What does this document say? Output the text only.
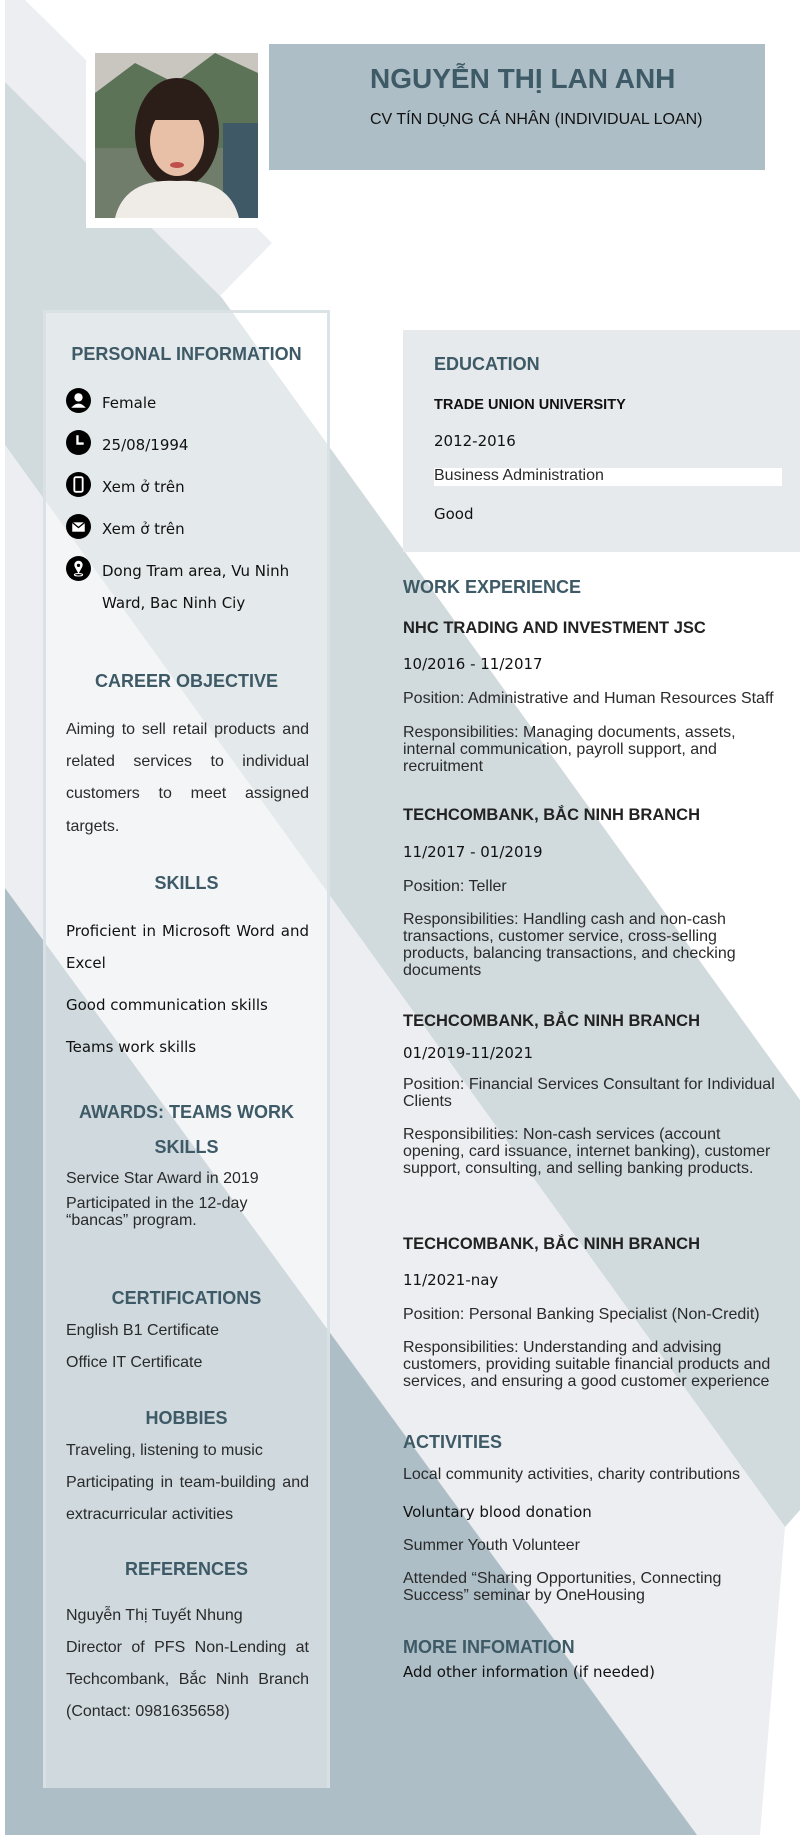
NGUYỄN THỊ LAN ANH
CV TÍN DỤNG CÁ NHÂN (INDIVIDUAL LOAN)
PERSONAL INFORMATION
Female
25/08/1994
Xem ở trên
Xem ở trên
Dong Tram area, Vu Ninh
Ward, Bac Ninh Ciy
CAREER OBJECTIVE
Aiming to sell retail products and
related services to individual
customers to meet assigned
targets.
SKILLS
Proficient in Microsoft Word and
Excel
Good communication skills
Teams work skills
AWARDS: TEAMS WORK
SKILLS
Service Star Award in 2019
Participated in the 12-day
“bancas” program.
CERTIFICATIONS
English B1 Certificate
Office IT Certificate
HOBBIES
Traveling, listening to music
Participating in team-building and
extracurricular activities
REFERENCES
Nguyễn Thị Tuyết Nhung
Director of PFS Non-Lending at
Techcombank, Bắc Ninh Branch
(Contact: 0981635658)
EDUCATION
TRADE UNION UNIVERSITY
2012-2016
Business Administration
Good
WORK EXPERIENCE
NHC TRADING AND INVESTMENT JSC
10/2016 - 11/2017
Position: Administrative and Human Resources Staff
Responsibilities: Managing documents, assets, internal communication, payroll support, and recruitment
TECHCOMBANK, BẮC NINH BRANCH
11/2017 - 01/2019
Position: Teller
Responsibilities: Handling cash and non-cash transactions, customer service, cross-selling products, balancing transactions, and checking documents
TECHCOMBANK, BẮC NINH BRANCH
01/2019-11/2021
Position: Financial Services Consultant for Individual Clients
Responsibilities: Non-cash services (account opening, card issuance, internet banking), customer support, consulting, and selling banking products.
TECHCOMBANK, BẮC NINH BRANCH
11/2021-nay
Position: Personal Banking Specialist (Non-Credit)
Responsibilities: Understanding and advising customers, providing suitable financial products and services, and ensuring a good customer experience
ACTIVITIES
Local community activities, charity contributions
Voluntary blood donation
Summer Youth Volunteer
Attended “Sharing Opportunities, Connecting Success” seminar by OneHousing
MORE INFOMATION
Add other information (if needed)
